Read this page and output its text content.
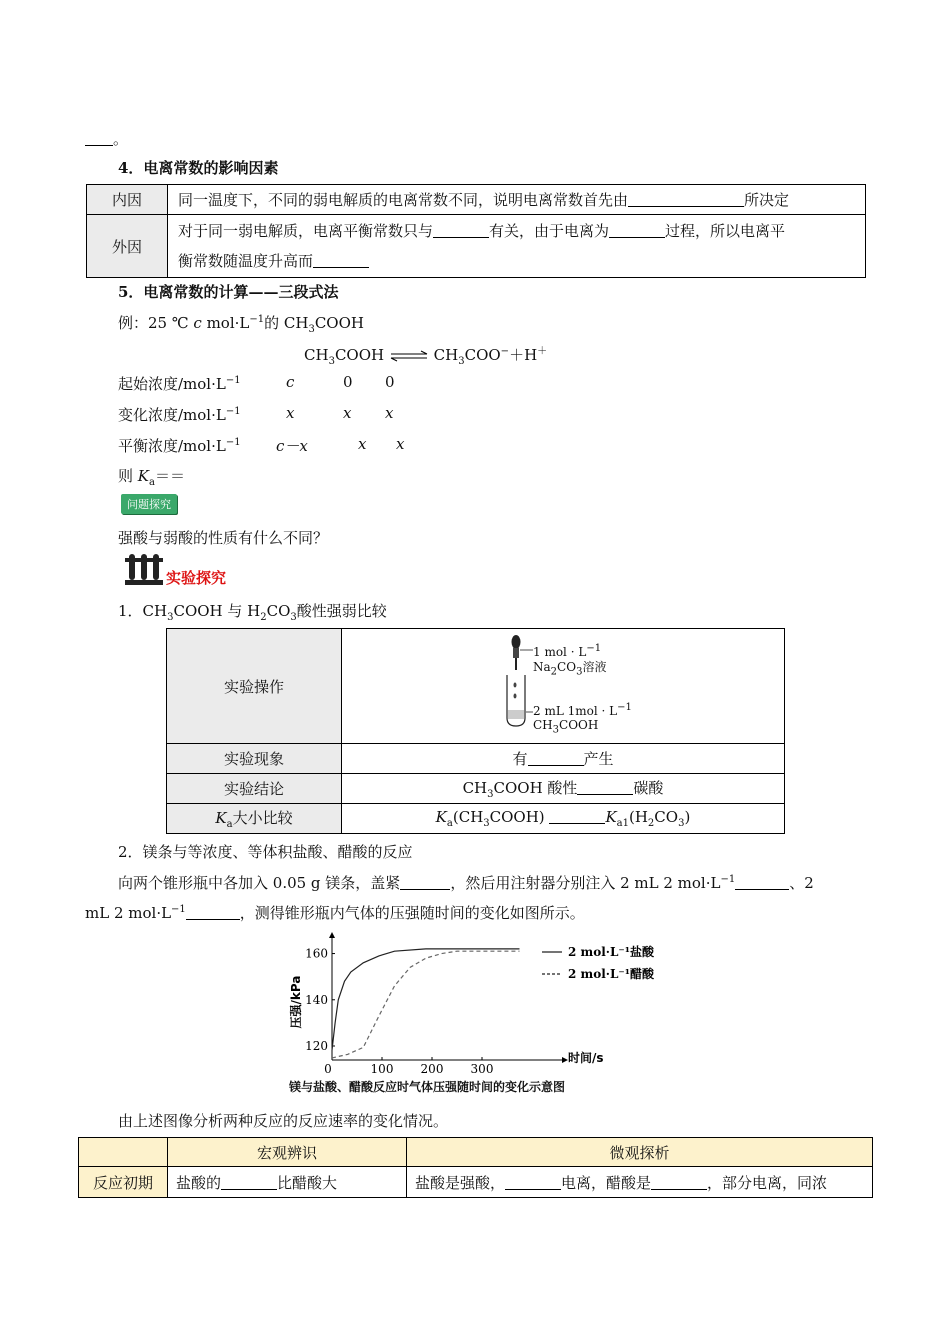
。
4．电离常数的影响因素
内因	同一温度下，不同的弱电解质的电离常数不同，说明电离常数首先由 所决定
外因	对于同一弱电解质，电离平衡常数只与 有关，由于电离为 过程，所以电离平
衡常数随温度升高而
5．电离常数的计算——三段式法
例：25 ℃ c $mol\cdot L^{-1}$的 $CH_3COOH$
$CH_3COOH$ ⇌ $CH_3COO^-+H^+$
起始浓度$/mol\cdot L^{-1}$	c	0 0
变化浓度$/mol\cdot L^{-1}$	x	x x
平衡浓度$/mol\cdot L^{-1}$ c－x	x x
则 $K_a==$
问题探究
强酸与弱酸的性质有什么不同？
实验探究
1．$CH_3COOH$ 与 $H_2CO_3$酸性强弱比较
实验操作	1 mol · $L^{-1}$
$Na_2CO_3$溶液
2 mL $1mol \cdot L^{-1}$
$CH_3COOH$

实验现象	有 产生
实验结论	$CH_3COOH$ 酸性 碳酸
$K_a$大小比较	$K_a(CH_3COOH)$ $K_{a1}(H_2CO_3)$
2．镁条与等浓度、等体积盐酸、醋酸的反应
向两个锥形瓶中各加入 0.05 g 镁条，盖紧	，然后用注射器分别注入 2 mL 2 $mol\cdot L^{-1}$	、2
mL 2 $mol\cdot L^{-1}$	，测得锥形瓶内气体的压强随时间的变化如图所示。
0	100 200 300
120
140
160
压强/kPa
时间/s
2 mol·L⁻¹盐酸
2 mol·L⁻¹醋酸
镁与盐酸、醋酸反应时气体压强随时间的变化示意图
由上述图像分析两种反应的反应速率的变化情况。
	宏观辨识	微观探析
反应初期	盐酸的 比醋酸大	盐酸是强酸， 电离，醋酸是 ，部分电离，同浓
